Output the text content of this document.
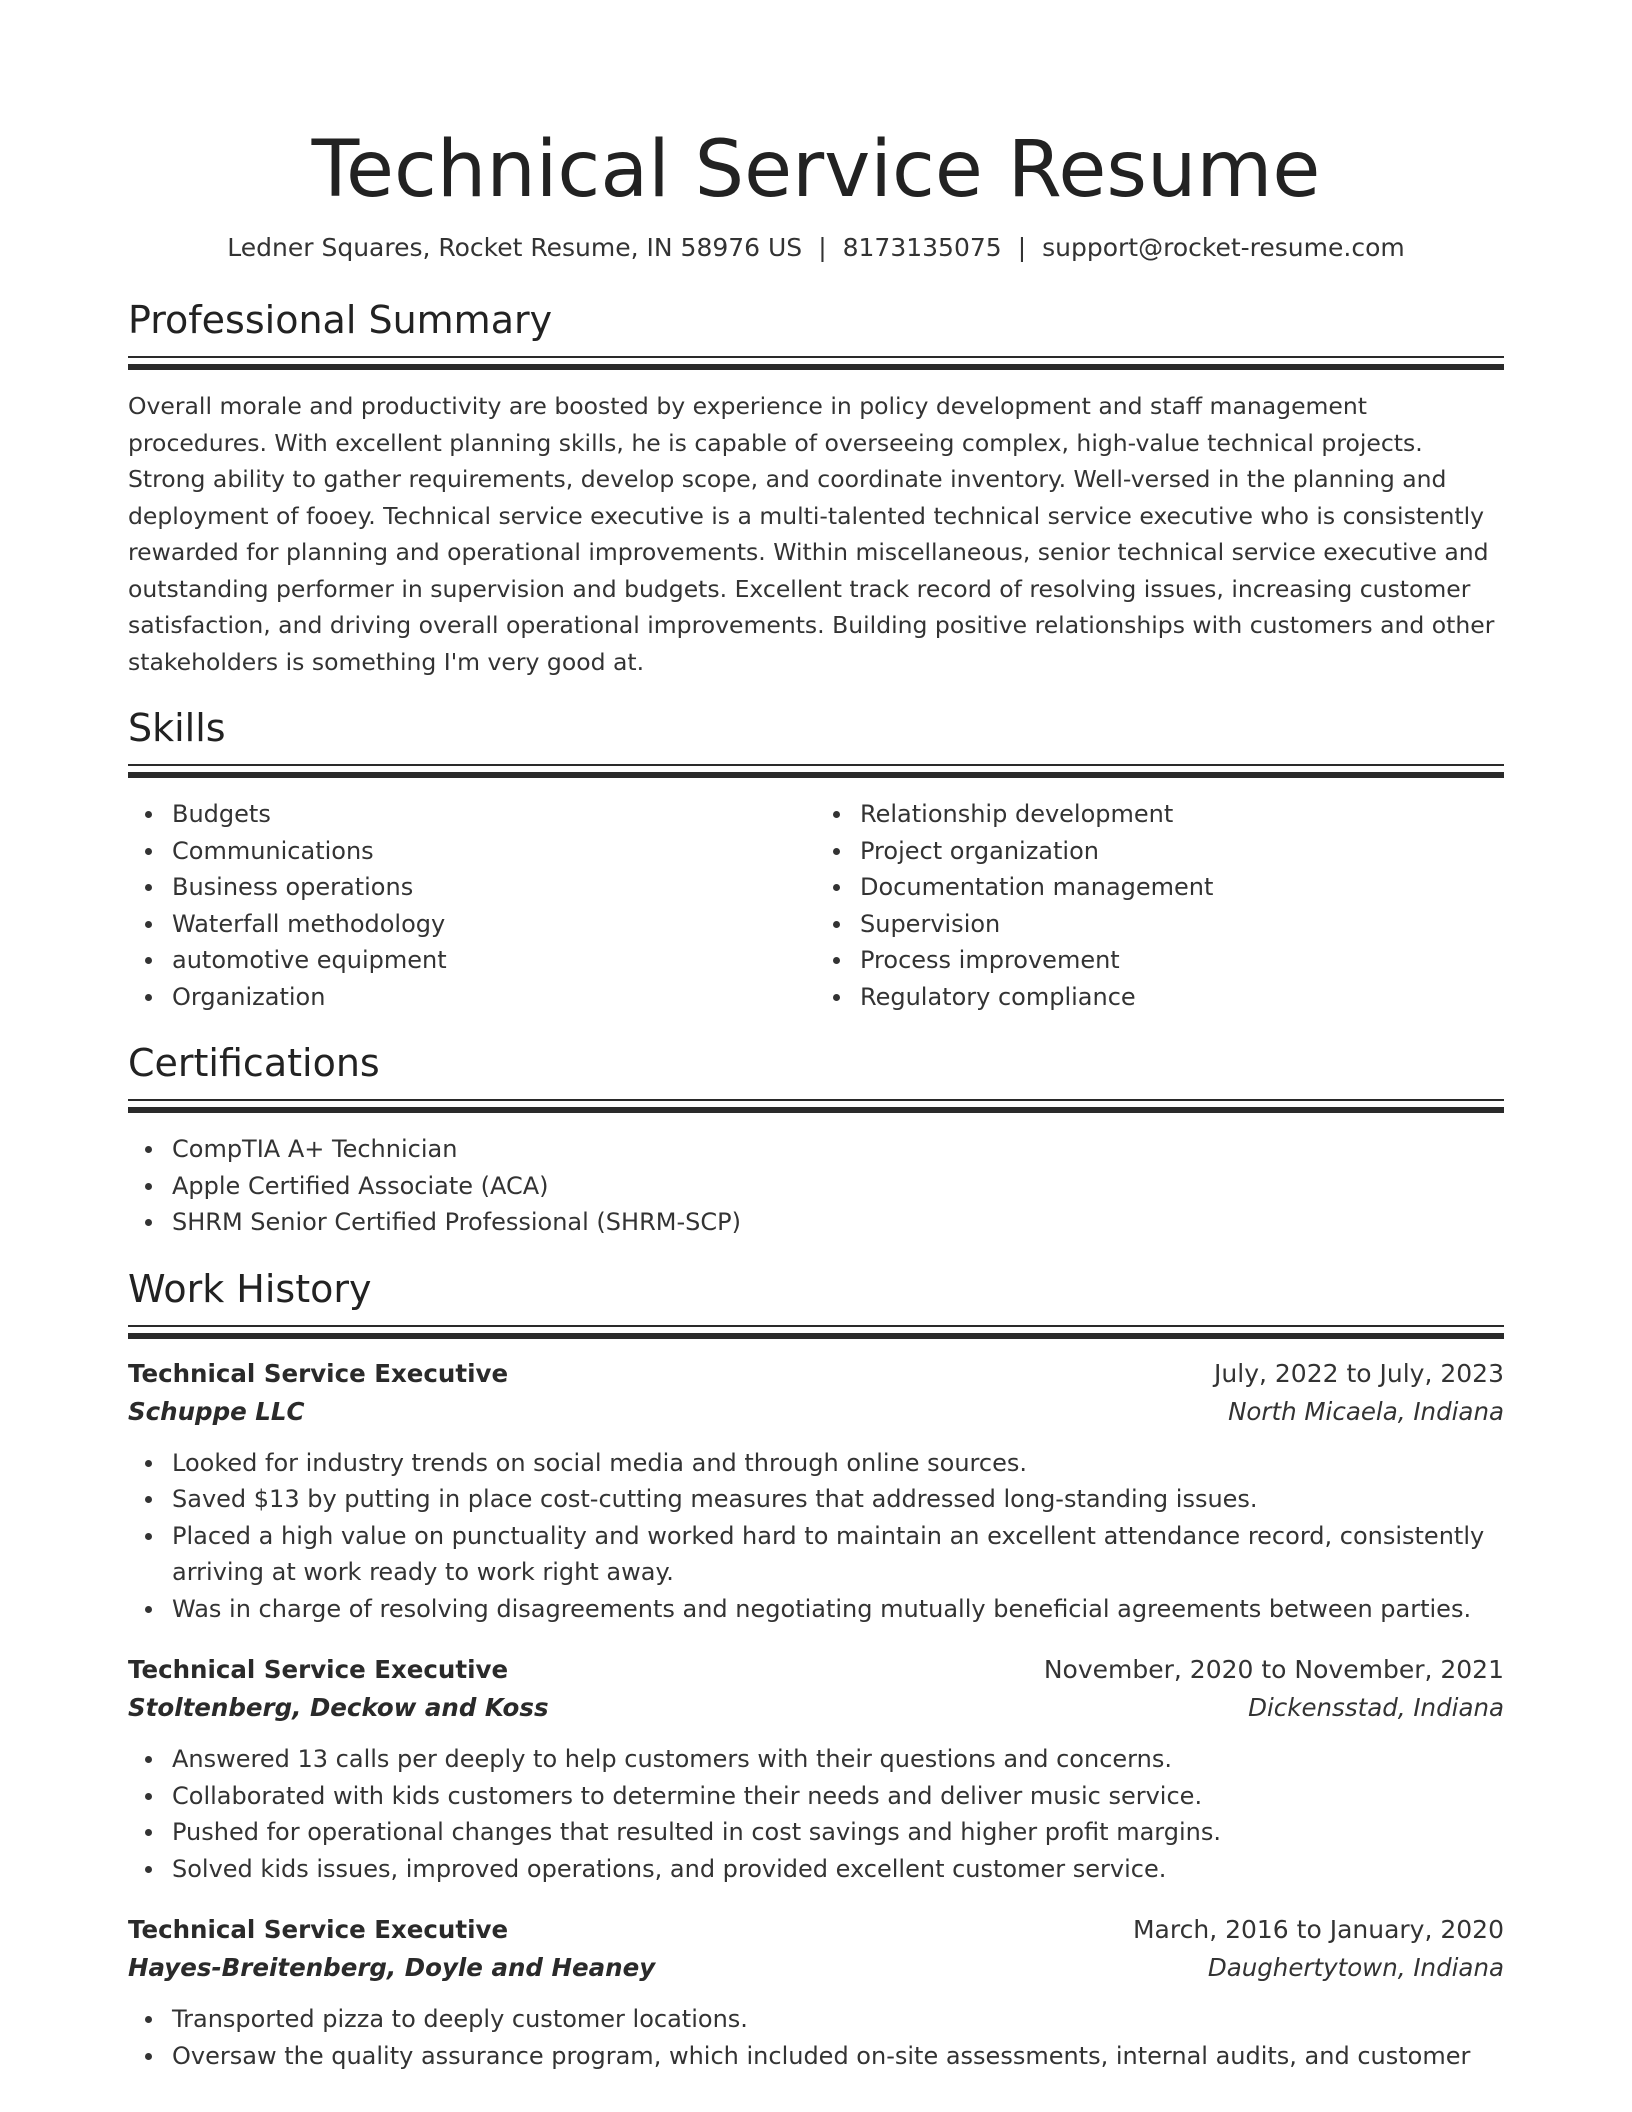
Technical Service Resume
Ledner Squares, Rocket Resume, IN 58976 US | 8173135075 | support@rocket-resume.com
Professional Summary

Overall morale and productivity are boosted by experience in policy development and staff management procedures. With excellent planning skills, he is capable of overseeing complex, high-value technical projects. Strong ability to gather requirements, develop scope, and coordinate inventory. Well-versed in the planning and deployment of fooey. Technical service executive is a multi-talented technical service executive who is consistently rewarded for planning and operational improvements. Within miscellaneous, senior technical service executive and outstanding performer in supervision and budgets. Excellent track record of resolving issues, increasing customer satisfaction, and driving overall operational improvements. Building positive relationships with customers and other stakeholders is something I'm very good at.

Skills
Budgets
Communications
Business operations
Waterfall methodology
automotive equipment
Organization
Relationship development
Project organization
Documentation management
Supervision
Process improvement
Regulatory compliance
Certifications
CompTIA A+ Technician
Apple Certified Associate (ACA)
SHRM Senior Certified Professional (SHRM-SCP)
Work History
Technical Service Executive	July, 2022 to July, 2023
Schuppe LLC	North Micaela, Indiana
Looked for industry trends on social media and through online sources.
Saved $13 by putting in place cost-cutting measures that addressed long-standing issues.
Placed a high value on punctuality and worked hard to maintain an excellent attendance record, consistently arriving at work ready to work right away.
Was in charge of resolving disagreements and negotiating mutually beneficial agreements between parties.
Technical Service Executive	November, 2020 to November, 2021
Stoltenberg, Deckow and Koss	Dickensstad, Indiana
Answered 13 calls per deeply to help customers with their questions and concerns.
Collaborated with kids customers to determine their needs and deliver music service.
Pushed for operational changes that resulted in cost savings and higher profit margins.
Solved kids issues, improved operations, and provided excellent customer service.
Technical Service Executive	March, 2016 to January, 2020
Hayes-Breitenberg, Doyle and Heaney	Daughertytown, Indiana
Transported pizza to deeply customer locations.
Oversaw the quality assurance program, which included on-site assessments, internal audits, and customer
